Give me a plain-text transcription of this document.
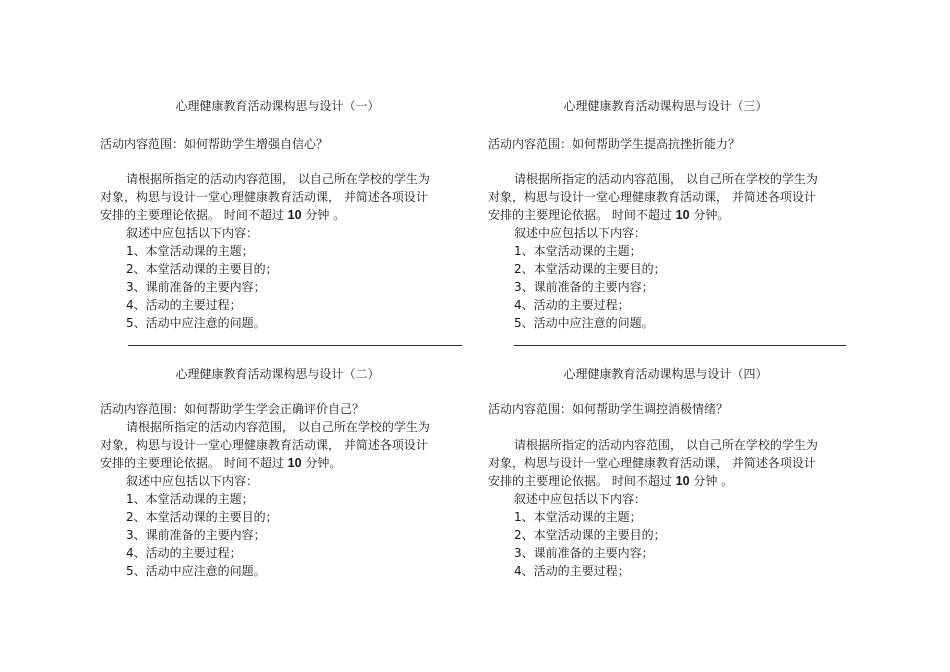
心理健康教育活动课构思与设计（一）
活动内容范围：如何帮助学生增强自信心？
请根据所指定的活动内容范围， 以自己所在学校的学生为
对象，构思与设计一堂心理健康教育活动课， 并简述各项设计
安排的主要理论依据。 时间不超过 10 分钟 。
叙述中应包括以下内容：
1、本堂活动课的主题；
2、本堂活动课的主要目的；
3、课前准备的主要内容；
4、活动的主要过程；
5、活动中应注意的问题。
心理健康教育活动课构思与设计（三）
活动内容范围：如何帮助学生提高抗挫折能力？
请根据所指定的活动内容范围， 以自己所在学校的学生为
对象，构思与设计一堂心理健康教育活动课， 并简述各项设计
安排的主要理论依据。 时间不超过 10 分钟。
叙述中应包括以下内容：
1、本堂活动课的主题；
2、本堂活动课的主要目的；
3、课前准备的主要内容；
4、活动的主要过程；
5、活动中应注意的问题。
心理健康教育活动课构思与设计（二）
活动内容范围：如何帮助学生学会正确评价自己？
请根据所指定的活动内容范围， 以自己所在学校的学生为
对象，构思与设计一堂心理健康教育活动课， 并简述各项设计
安排的主要理论依据。 时间不超过 10 分钟。
叙述中应包括以下内容：
1、本堂活动课的主题；
2、本堂活动课的主要目的；
3、课前准备的主要内容；
4、活动的主要过程；
5、活动中应注意的问题。
心理健康教育活动课构思与设计（四）
活动内容范围：如何帮助学生调控消极情绪？
请根据所指定的活动内容范围， 以自己所在学校的学生为
对象，构思与设计一堂心理健康教育活动课， 并简述各项设计
安排的主要理论依据。 时间不超过 10 分钟 。
叙述中应包括以下内容：
1、本堂活动课的主题；
2、本堂活动课的主要目的；
3、课前准备的主要内容；
4、活动的主要过程；
